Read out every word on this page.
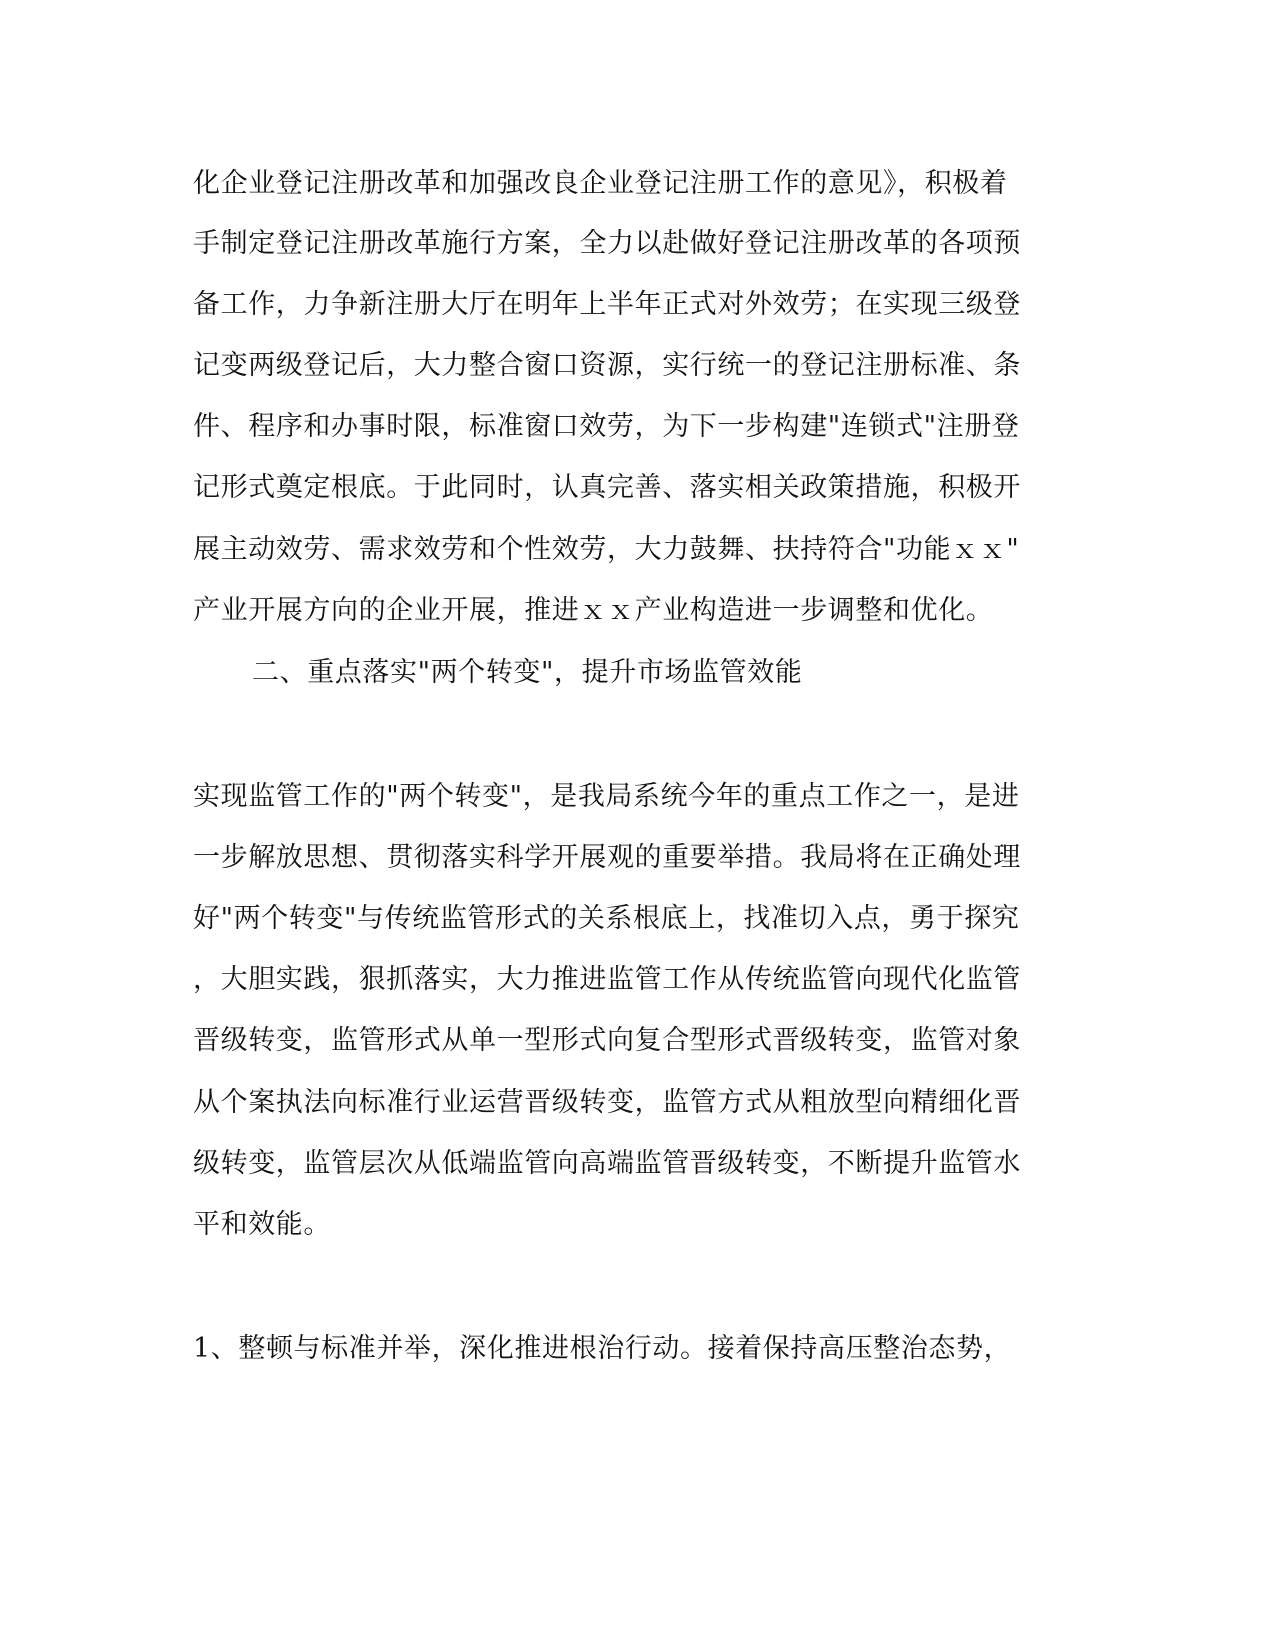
化企业登记注册改革和加强改良企业登记注册工作的意见》，积极着
手制定登记注册改革施行方案，全力以赴做好登记注册改革的各项预
备工作，力争新注册大厅在明年上半年正式对外效劳；在实现三级登
记变两级登记后，大力整合窗口资源，实行统一的登记注册标准、条
件、程序和办事时限，标准窗口效劳，为下一步构建"连锁式"注册登
记形式奠定根底。于此同时，认真完善、落实相关政策措施，积极开
展主动效劳、需求效劳和个性效劳，大力鼓舞、扶持符合"功能ｘｘ"
产业开展方向的企业开展，推进ｘｘ产业构造进一步调整和优化。
二、重点落实"两个转变"，提升市场监管效能
实现监管工作的"两个转变"，是我局系统今年的重点工作之一，是进
一步解放思想、贯彻落实科学开展观的重要举措。我局将在正确处理
好"两个转变"与传统监管形式的关系根底上，找准切入点，勇于探究
，大胆实践，狠抓落实，大力推进监管工作从传统监管向现代化监管
晋级转变，监管形式从单一型形式向复合型形式晋级转变，监管对象
从个案执法向标准行业运营晋级转变，监管方式从粗放型向精细化晋
级转变，监管层次从低端监管向高端监管晋级转变，不断提升监管水
平和效能。
1、整顿与标准并举，深化推进根治行动。接着保持高压整治态势，
